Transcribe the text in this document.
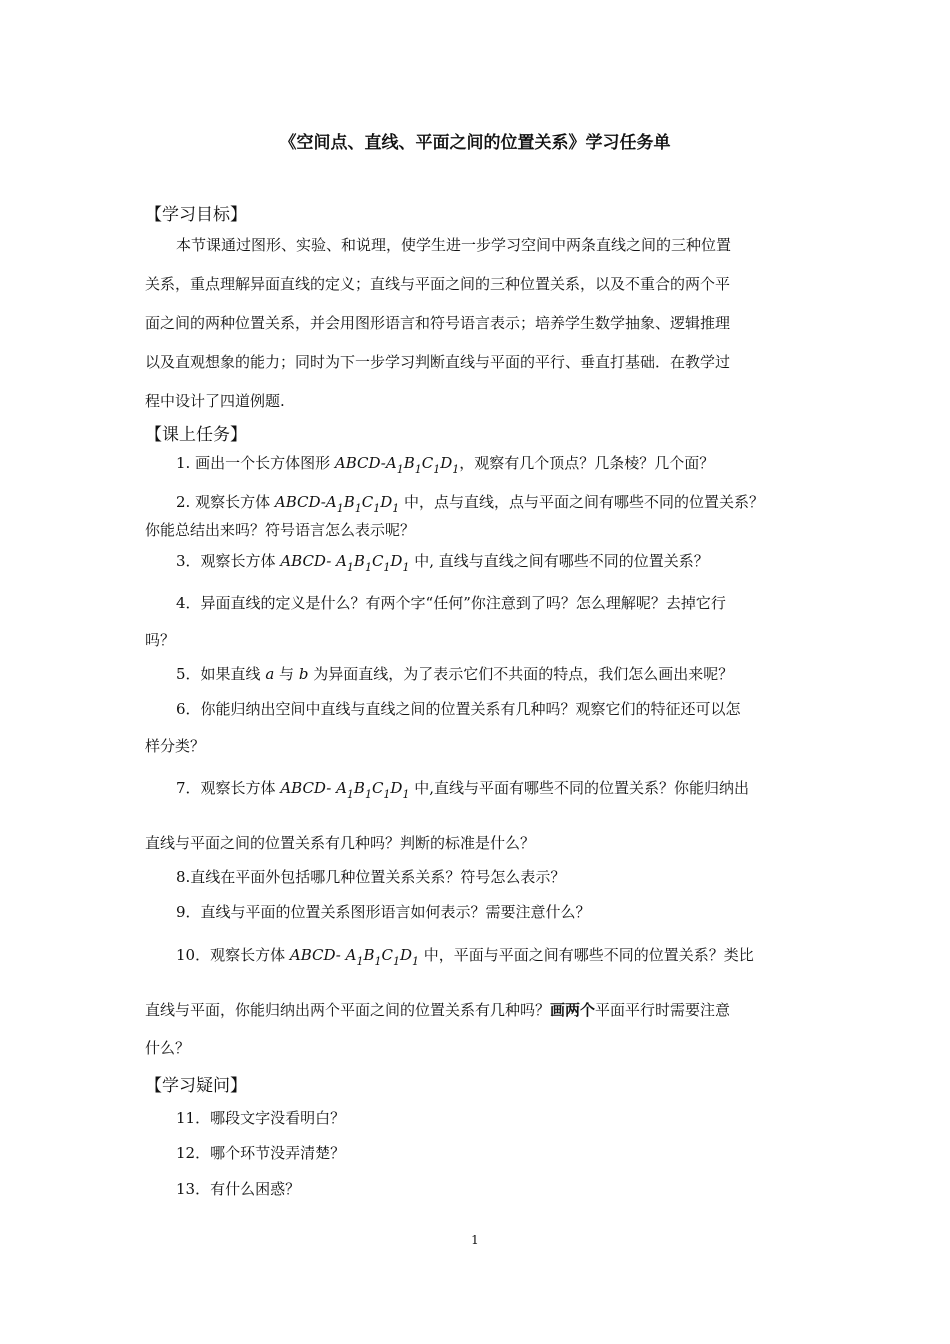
《空间点、直线、平面之间的位置关系》学习任务单
【学习目标】
本节课通过图形、实验、和说理，使学生进一步学习空间中两条直线之间的三种位置
关系，重点理解异面直线的定义；直线与平面之间的三种位置关系，以及不重合的两个平
面之间的两种位置关系，并会用图形语言和符号语言表示；培养学生数学抽象、逻辑推理
以及直观想象的能力；同时为下一步学习判断直线与平面的平行、垂直打基础．在教学过
程中设计了四道例题.
【课上任务】
1. 画出一个长方体图形 ABCD-$A_1B_1C_1D_1$，观察有几个顶点？几条棱？几个面？
2. 观察长方体 ABCD-$A_1B_1C_1D_1$ 中，点与直线，点与平面之间有哪些不同的位置关系？
你能总结出来吗？符号语言怎么表示呢？
3．观察长方体 ABCD- $A_1B_1C_1D_1$ 中, 直线与直线之间有哪些不同的位置关系？
4．异面直线的定义是什么？有两个字“任何”你注意到了吗？怎么理解呢？去掉它行
吗？
5．如果直线 a 与 b 为异面直线，为了表示它们不共面的特点，我们怎么画出来呢？
6．你能归纳出空间中直线与直线之间的位置关系有几种吗？观察它们的特征还可以怎
样分类？
7．观察长方体 ABCD- $A_1B_1C_1D_1$ 中,直线与平面有哪些不同的位置关系？你能归纳出
直线与平面之间的位置关系有几种吗？判断的标准是什么？
8.直线在平面外包括哪几种位置关系关系？符号怎么表示？
9．直线与平面的位置关系图形语言如何表示？需要注意什么？
10．观察长方体 ABCD- $A_1B_1C_1D_1$ 中，平面与平面之间有哪些不同的位置关系？类比
直线与平面，你能归纳出两个平面之间的位置关系有几种吗？画两个平面平行时需要注意
什么？
【学习疑问】
11．哪段文字没看明白？
12．哪个环节没弄清楚？
13．有什么困惑？
1
